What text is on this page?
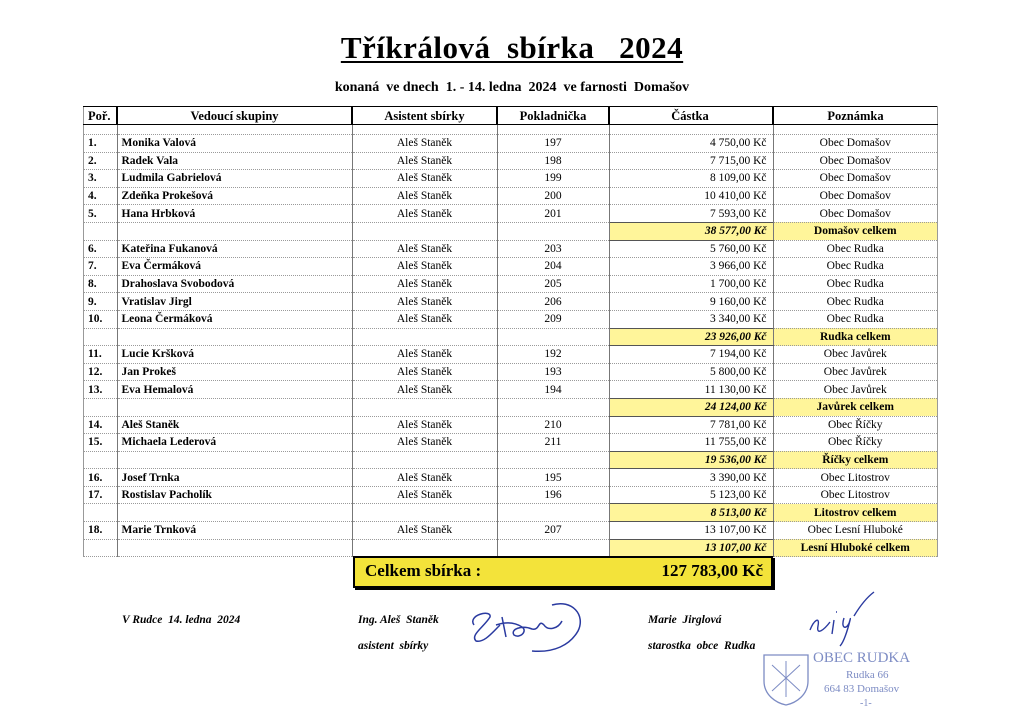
Tříkrálová  sbírka   2024
konaná  ve dnech  1. - 14. ledna  2024  ve farnosti  Domašov
Poř.	Vedoucí skupiny	Asistent sbírky	Pokladnička	Částka	Poznámka

1.	Monika Valová	Aleš Staněk	197	4 750,00 Kč	Obec Domašov
2.	Radek Vala	Aleš Staněk	198	7 715,00 Kč	Obec Domašov
3.	Ludmila Gabrielová	Aleš Staněk	199	8 109,00 Kč	Obec Domašov
4.	Zdeňka Prokešová	Aleš Staněk	200	10 410,00 Kč	Obec Domašov
5.	Hana Hrbková	Aleš Staněk	201	7 593,00 Kč	Obec Domašov
				38 577,00 Kč	Domašov celkem
6.	Kateřina Fukanová	Aleš Staněk	203	5 760,00 Kč	Obec Rudka
7.	Eva Čermáková	Aleš Staněk	204	3 966,00 Kč	Obec Rudka
8.	Drahoslava Svobodová	Aleš Staněk	205	1 700,00 Kč	Obec Rudka
9.	Vratislav Jirgl	Aleš Staněk	206	9 160,00 Kč	Obec Rudka
10.	Leona Čermáková	Aleš Staněk	209	3 340,00 Kč	Obec Rudka
				23 926,00 Kč	Rudka celkem
11.	Lucie Kršková	Aleš Staněk	192	7 194,00 Kč	Obec Javůrek
12.	Jan Prokeš	Aleš Staněk	193	5 800,00 Kč	Obec Javůrek
13.	Eva Hemalová	Aleš Staněk	194	11 130,00 Kč	Obec Javůrek
				24 124,00 Kč	Javůrek celkem
14.	Aleš Staněk	Aleš Staněk	210	7 781,00 Kč	Obec Říčky
15.	Michaela Lederová	Aleš Staněk	211	11 755,00 Kč	Obec Říčky
				19 536,00 Kč	Říčky celkem
16.	Josef Trnka	Aleš Staněk	195	3 390,00 Kč	Obec Litostrov
17.	Rostislav Pacholík	Aleš Staněk	196	5 123,00 Kč	Obec Litostrov
				8 513,00 Kč	Litostrov celkem
18.	Marie Trnková	Aleš Staněk	207	13 107,00 Kč	Obec Lesní Hluboké
				13 107,00 Kč	Lesní Hluboké celkem
Celkem sbírka :	127 783,00 Kč
V Rudce  14. ledna  2024	Ing. Aleš  Staněk
asistent  sbírky
Marie  Jirglová
starostka  obce  Rudka
OBEC RUDKA
Rudka 66
664 83 Domašov
-1-
